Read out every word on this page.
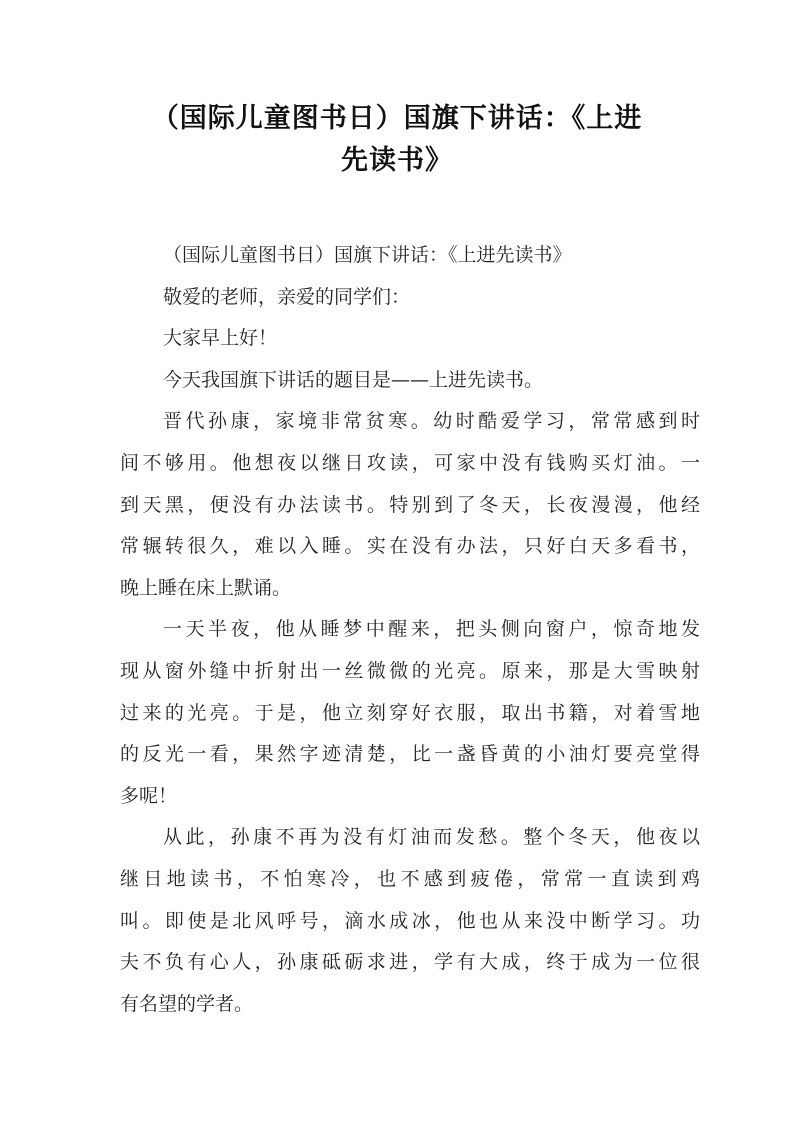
（国际儿童图书日）国旗下讲话：《上进
先读书》
（国际儿童图书日）国旗下讲话：《上进先读书》
敬爱的老师，亲爱的同学们：
大家早上好！
今天我国旗下讲话的题目是——上进先读书。
晋代孙康，家境非常贫寒。幼时酷爱学习，常常感到时
间不够用。他想夜以继日攻读，可家中没有钱购买灯油。一
到天黑，便没有办法读书。特别到了冬天，长夜漫漫，他经
常辗转很久，难以入睡。实在没有办法，只好白天多看书，
晚上睡在床上默诵。
一天半夜，他从睡梦中醒来，把头侧向窗户，惊奇地发
现从窗外缝中折射出一丝微微的光亮。原来，那是大雪映射
过来的光亮。于是，他立刻穿好衣服，取出书籍，对着雪地
的反光一看，果然字迹清楚，比一盏昏黄的小油灯要亮堂得
多呢！
从此，孙康不再为没有灯油而发愁。整个冬天，他夜以
继日地读书，不怕寒冷，也不感到疲倦，常常一直读到鸡
叫。即使是北风呼号，滴水成冰，他也从来没中断学习。功
夫不负有心人，孙康砥砺求进，学有大成，终于成为一位很
有名望的学者。
